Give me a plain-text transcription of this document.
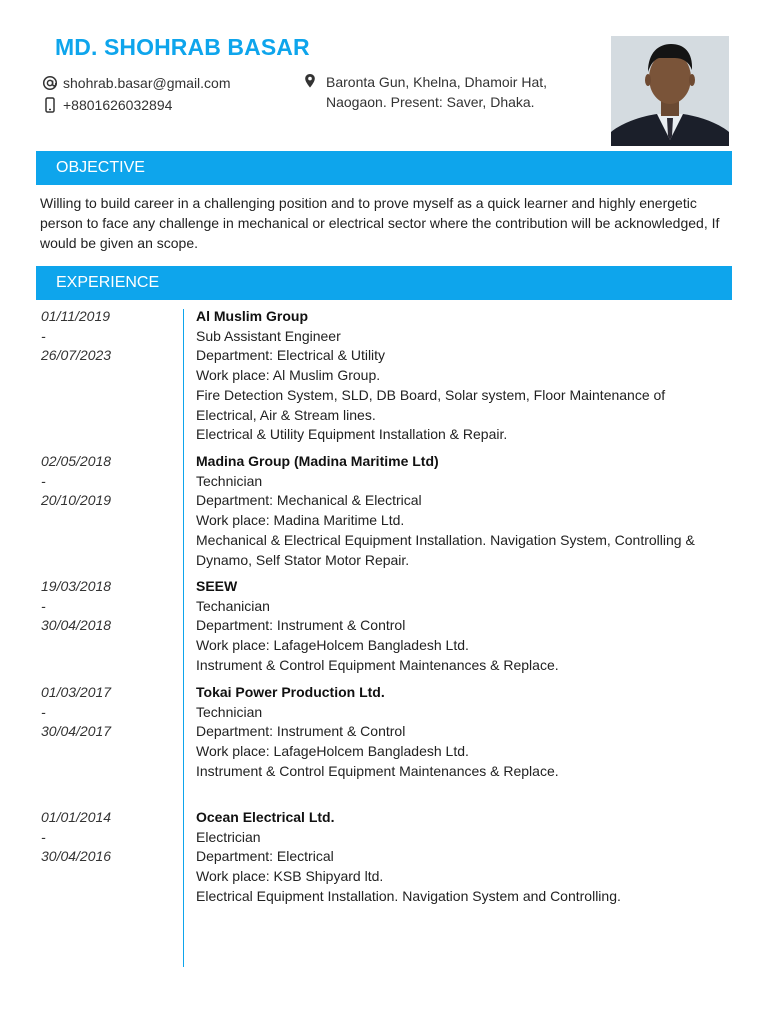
MD. SHOHRAB BASAR
shohrab.basar@gmail.com
+8801626032894
Baronta Gun, Khelna, Dhamoir Hat,
Naogaon. Present: Saver, Dhaka.
OBJECTIVE
Willing to build career in a challenging position and to prove myself as a quick learner and highly energetic person to face any challenge in mechanical or electrical sector where the contribution will be acknowledged, If would be given an scope.
EXPERIENCE
01/11/2019
-
26/07/2023
Al Muslim Group
Sub Assistant Engineer
Department: Electrical & Utility
Work place: Al Muslim Group.
Fire Detection System, SLD, DB Board, Solar system, Floor Maintenance of
Electrical, Air & Stream lines.
Electrical & Utility Equipment Installation & Repair.
02/05/2018
-
20/10/2019
Madina Group (Madina Maritime Ltd)
Technician
Department: Mechanical & Electrical
Work place: Madina Maritime Ltd.
Mechanical & Electrical Equipment Installation. Navigation System, Controlling &
Dynamo, Self Stator Motor Repair.
19/03/2018
-
30/04/2018
SEEW
Techanician
Department: Instrument & Control
Work place: LafageHolcem Bangladesh Ltd.
Instrument & Control Equipment Maintenances & Replace.
01/03/2017
-
30/04/2017
Tokai Power Production Ltd.
Technician
Department: Instrument & Control
Work place: LafageHolcem Bangladesh Ltd.
Instrument & Control Equipment Maintenances & Replace.
01/01/2014
-
30/04/2016
Ocean Electrical Ltd.
Electrician
Department: Electrical
Work place: KSB Shipyard ltd.
Electrical Equipment Installation. Navigation System and Controlling.
